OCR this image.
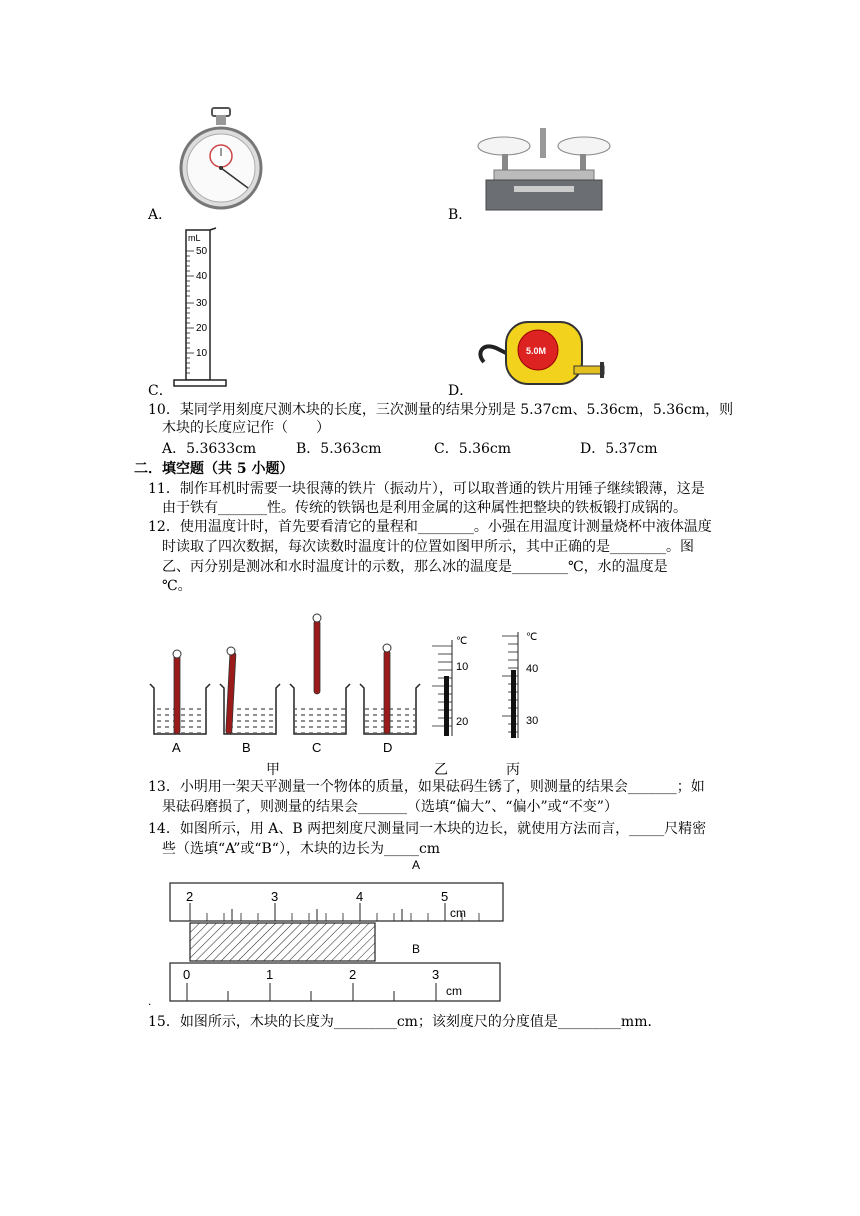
A．	B．
C．
mL
50
40
30
20
10
D．
5.0M
10．某同学用刻度尺测木块的长度，三次测量的结果分别是 5.37cm、5.36cm，5.36cm，则
木块的长度应记作（　　）
A．5.3633cm	B．5.363cm	C．5.36cm	D．5.37cm
二．填空题（共 5 小题）
11．制作耳机时需要一块很薄的铁片（振动片），可以取普通的铁片用锤子继续锻薄，这是
由于铁有_______性。传统的铁锅也是利用金属的这种属性把整块的铁板锻打成锅的。
12．使用温度计时，首先要看清它的量程和________。小强在用温度计测量烧杯中液体温度
时读取了四次数据，每次读数时温度计的位置如图甲所示，其中正确的是________。图
乙、丙分别是测冰和水时温度计的示数，那么冰的温度是________℃，水的温度是
℃。
A	B	C	D
℃
10
20
℃
40
30
甲	乙	丙
13．小明用一架天平测量一个物体的质量，如果砝码生锈了，则测量的结果会_______；如
果砝码磨损了，则测量的结果会_______（选填“偏大”、“偏小”或“不变”）
14．如图所示，用 A、B 两把刻度尺测量同一木块的边长，就使用方法而言，_____尺精密
些（选填“A”或“B“），木块的边长为_____cm
A
2	3	4	5
cm
B
0	1	2	3
cm
.
15．如图所示，木块的长度为_________cm；该刻度尺的分度值是_________mm．
